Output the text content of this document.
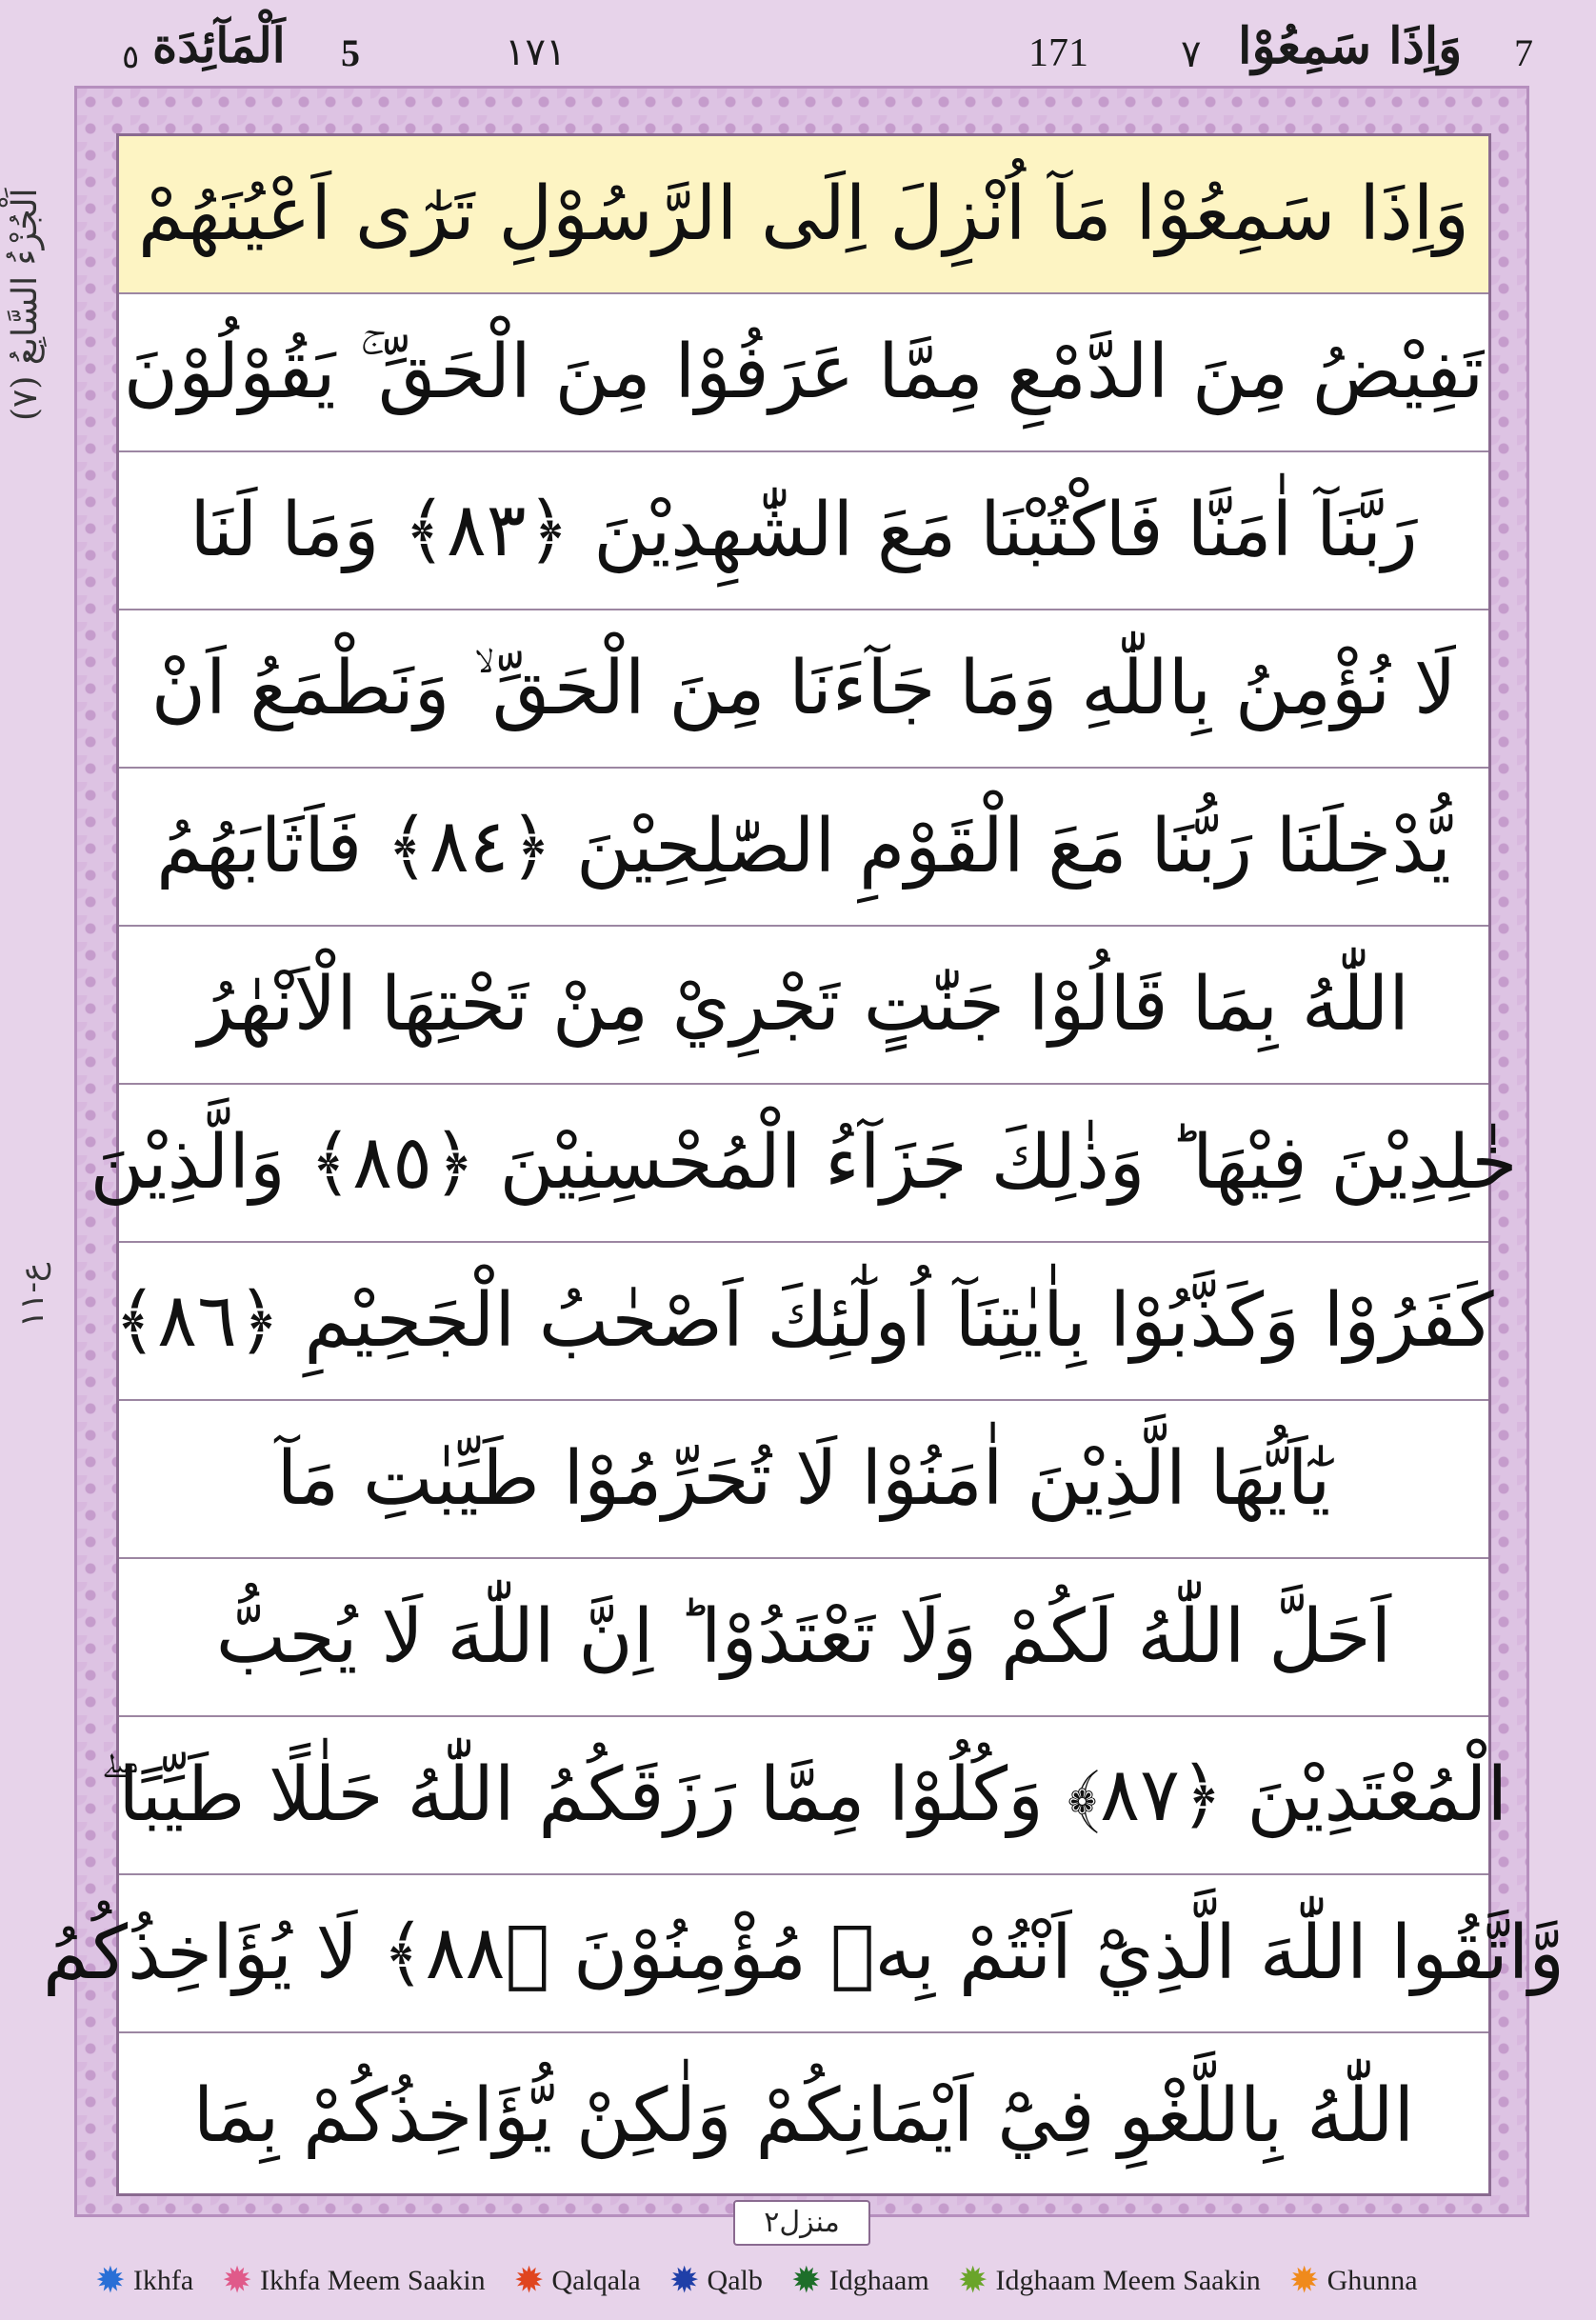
7
وَاِذَا سَمِعُوْا
٧
171
١٧١
5
اَلْمَآئِدَة
٥
اَلْجُزْءُ السَّابِعُ (٧)
ع-١١
وَاِذَا سَمِعُوْا مَآ اُنْزِلَ اِلَى الرَّسُوْلِ تَرٰٓى اَعْيُنَهُمْ
تَفِيْضُ مِنَ الدَّمْعِ مِمَّا عَرَفُوْا مِنَ الْحَقِّ ۚ يَقُوْلُوْنَ
رَبَّنَآ اٰمَنَّا فَاكْتُبْنَا مَعَ الشّٰهِدِيْنَ ﴿٨٣﴾ وَمَا لَنَا
لَا نُؤْمِنُ بِاللّٰهِ وَمَا جَآءَنَا مِنَ الْحَقِّ ۙ وَنَطْمَعُ اَنْ
يُّدْخِلَنَا رَبُّنَا مَعَ الْقَوْمِ الصّٰلِحِيْنَ ﴿٨٤﴾ فَاَثَابَهُمُ
اللّٰهُ بِمَا قَالُوْا جَنّٰتٍ تَجْرِيْ مِنْ تَحْتِهَا الْاَنْهٰرُ
خٰلِدِيْنَ فِيْهَا ؕ وَذٰلِكَ جَزَآءُ الْمُحْسِنِيْنَ ﴿٨٥﴾ وَالَّذِيْنَ
كَفَرُوْا وَكَذَّبُوْا بِاٰيٰتِنَآ اُولٰٓئِكَ اَصْحٰبُ الْجَحِيْمِ ﴿٨٦﴾
يٰٓاَيُّهَا الَّذِيْنَ اٰمَنُوْا لَا تُحَرِّمُوْا طَيِّبٰتِ مَآ
اَحَلَّ اللّٰهُ لَكُمْ وَلَا تَعْتَدُوْا ؕ اِنَّ اللّٰهَ لَا يُحِبُّ
الْمُعْتَدِيْنَ ﴿٨٧﴾ وَكُلُوْا مِمَّا رَزَقَكُمُ اللّٰهُ حَلٰلًا طَيِّبًا ۖ
وَّاتَّقُوا اللّٰهَ الَّذِيْٓ اَنْتُمْ بِهٖ مُؤْمِنُوْنَ ﴿٨٨﴾ لَا يُؤَاخِذُكُمُ
اللّٰهُ بِاللَّغْوِ فِيْٓ اَيْمَانِكُمْ وَلٰكِنْ يُّؤَاخِذُكُمْ بِمَا
منزل٢
✹ Ikhfa ✹ Ikhfa Meem Saakin ✹ Qalqala ✹ Qalb ✹ Idghaam ✹ Idghaam Meem Saakin ✹ Ghunna
